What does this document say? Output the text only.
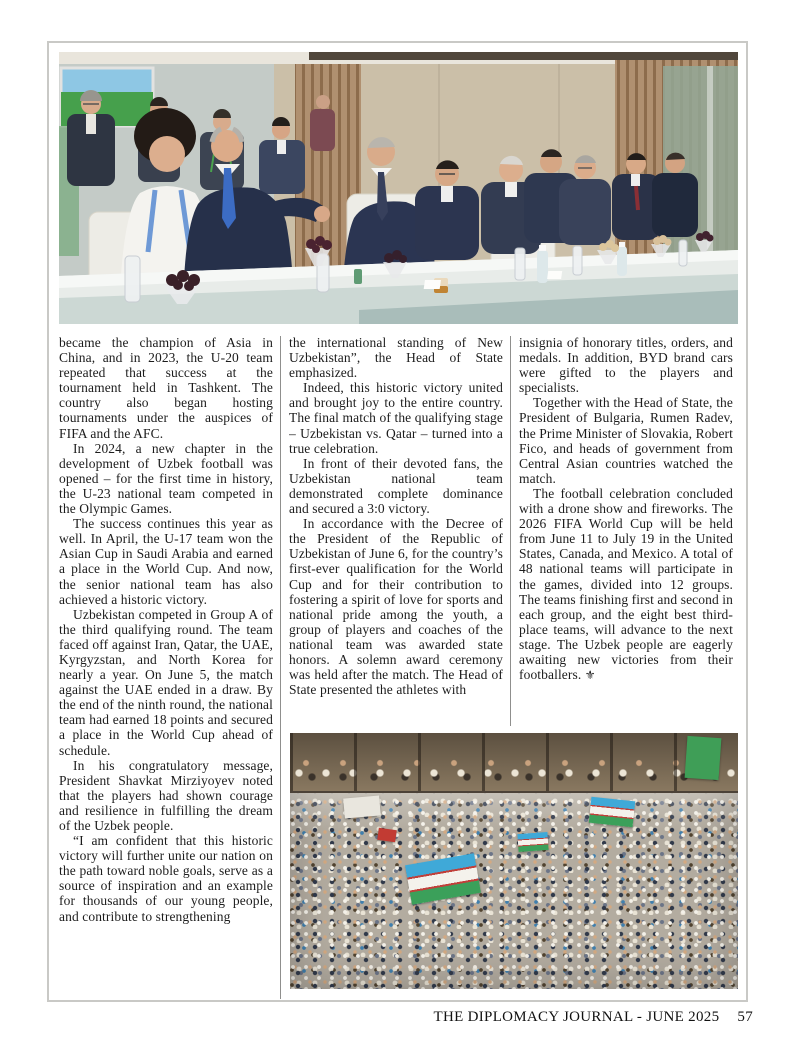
became the champion of Asia in China, and in 2023, the U-20 team repeated that success at the tournament held in Tashkent. The country also began hosting tournaments under the auspices of FIFA and the AFC.

In 2024, a new chapter in the development of Uzbek football was opened – for the first time in history, the U-23 national team competed in the Olympic Games.

The success continues this year as well. In April, the U-17 team won the Asian Cup in Saudi Arabia and earned a place in the World Cup. And now, the senior national team has also achieved a historic victory.

Uzbekistan competed in Group A of the third qualifying round. The team faced off against Iran, Qatar, the UAE, Kyrgyzstan, and North Korea for nearly a year. On June 5, the match against the UAE ended in a draw. By the end of the ninth round, the national team had earned 18 points and secured a place in the World Cup ahead of schedule.

In his congratulatory message, President Shavkat Mirziyoyev noted that the players had shown courage and resilience in fulfilling the dream of the Uzbek people.

“I am confident that this historic victory will further unite our nation on the path toward noble goals, serve as a source of inspiration and an example for thousands of our young people, and contribute to strengthening

the international standing of New Uzbekistan”, the Head of State emphasized.

Indeed, this historic victory united and brought joy to the entire country. The final match of the qualifying stage – Uzbekistan vs. Qatar – turned into a true celebration.

In front of their devoted fans, the Uzbekistan national team demonstrated complete dominance and secured a 3:0 victory.

In accordance with the Decree of the President of the Republic of Uzbekistan of June 6, for the country’s first-ever qualification for the World Cup and for their contribution to fostering a spirit of love for sports and national pride among the youth, a group of players and coaches of the national team was awarded state honors. A solemn award ceremony was held after the match. The Head of State presented the athletes with

insignia of honorary titles, orders, and medals. In addition, BYD brand cars were gifted to the players and specialists.

Together with the Head of State, the President of Bulgaria, Rumen Radev, the Prime Minister of Slovakia, Robert Fico, and heads of government from Central Asian countries watched the match.

The football celebration concluded with a drone show and fireworks. The 2026 FIFA World Cup will be held from June 11 to July 19 in the United States, Canada, and Mexico. A total of 48 national teams will participate in the games, divided into 12 groups. The teams finishing first and second in each group, and the eight best third-place teams, will advance to the next stage. The Uzbek people are eagerly awaiting new victories from their footballers. ⚜

THE DIPLOMACY JOURNAL - JUNE 2025 57
